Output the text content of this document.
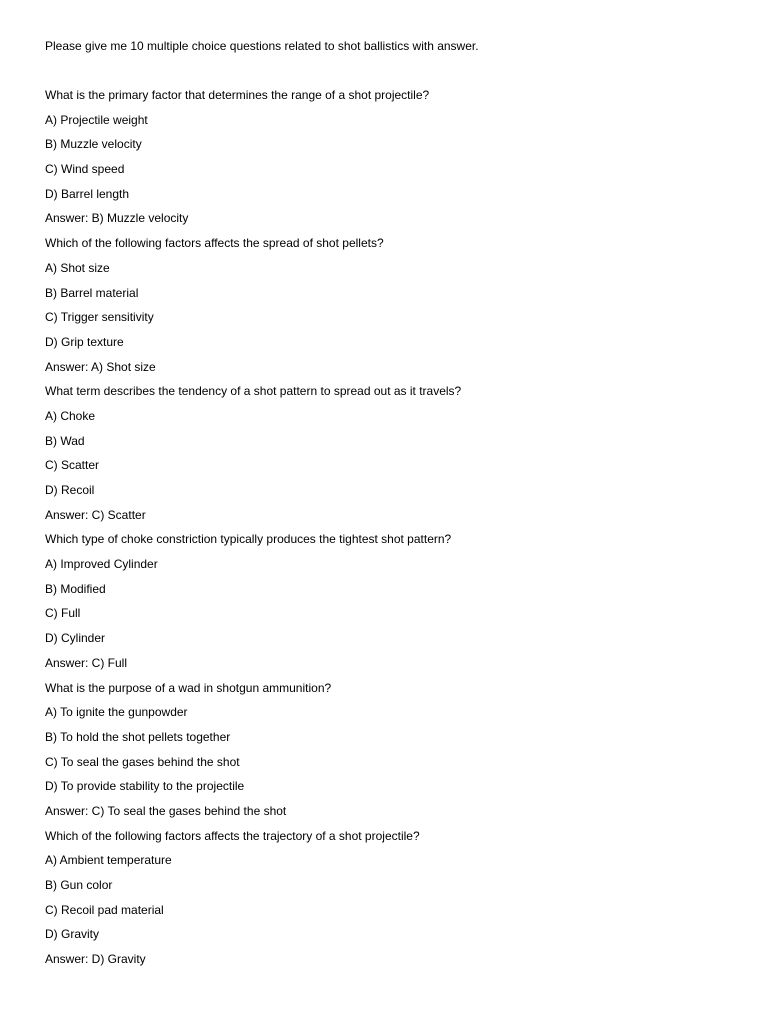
Please give me 10 multiple choice questions related to shot ballistics with answer.
What is the primary factor that determines the range of a shot projectile?
A) Projectile weight
B) Muzzle velocity
C) Wind speed
D) Barrel length
Answer: B) Muzzle velocity
Which of the following factors affects the spread of shot pellets?
A) Shot size
B) Barrel material
C) Trigger sensitivity
D) Grip texture
Answer: A) Shot size
What term describes the tendency of a shot pattern to spread out as it travels?
A) Choke
B) Wad
C) Scatter
D) Recoil
Answer: C) Scatter
Which type of choke constriction typically produces the tightest shot pattern?
A) Improved Cylinder
B) Modified
C) Full
D) Cylinder
Answer: C) Full
What is the purpose of a wad in shotgun ammunition?
A) To ignite the gunpowder
B) To hold the shot pellets together
C) To seal the gases behind the shot
D) To provide stability to the projectile
Answer: C) To seal the gases behind the shot
Which of the following factors affects the trajectory of a shot projectile?
A) Ambient temperature
B) Gun color
C) Recoil pad material
D) Gravity
Answer: D) Gravity
